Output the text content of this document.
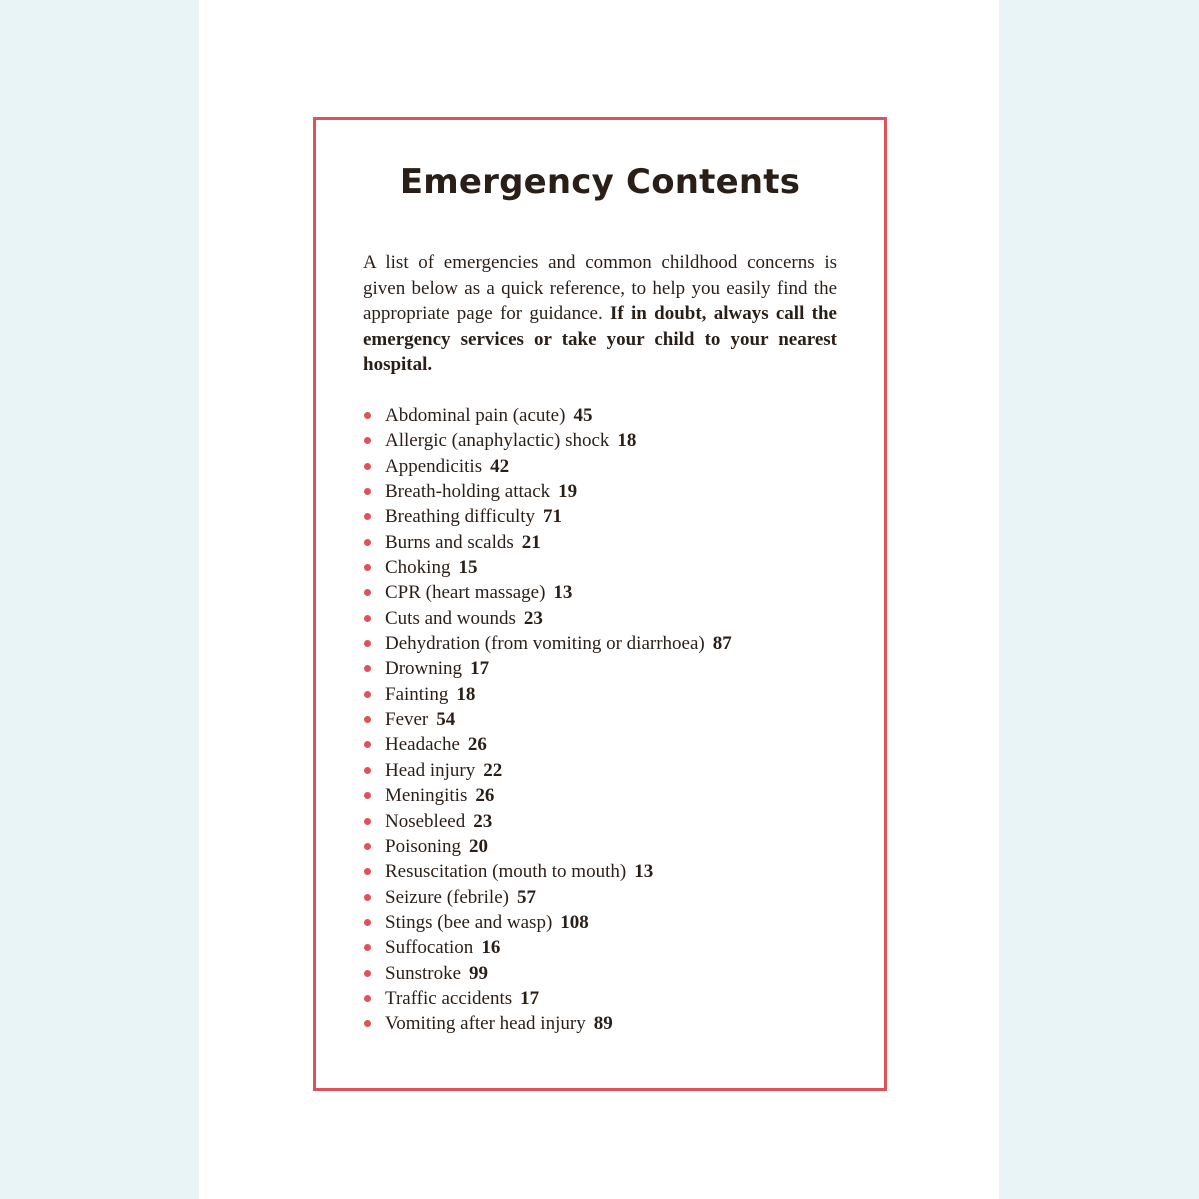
Emergency Contents

A list of emergencies and common childhood concerns is given below as a quick reference, to help you easily find the appropriate page for guidance. If in doubt, always call the emergency services or take your child to your nearest hospital.

Abdominal pain (acute) 45
Allergic (anaphylactic) shock 18
Appendicitis 42
Breath-holding attack 19
Breathing difficulty 71
Burns and scalds 21
Choking 15
CPR (heart massage) 13
Cuts and wounds 23
Dehydration (from vomiting or diarrhoea) 87
Drowning 17
Fainting 18
Fever 54
Headache 26
Head injury 22
Meningitis 26
Nosebleed 23
Poisoning 20
Resuscitation (mouth to mouth) 13
Seizure (febrile) 57
Stings (bee and wasp) 108
Suffocation 16
Sunstroke 99
Traffic accidents 17
Vomiting after head injury 89
